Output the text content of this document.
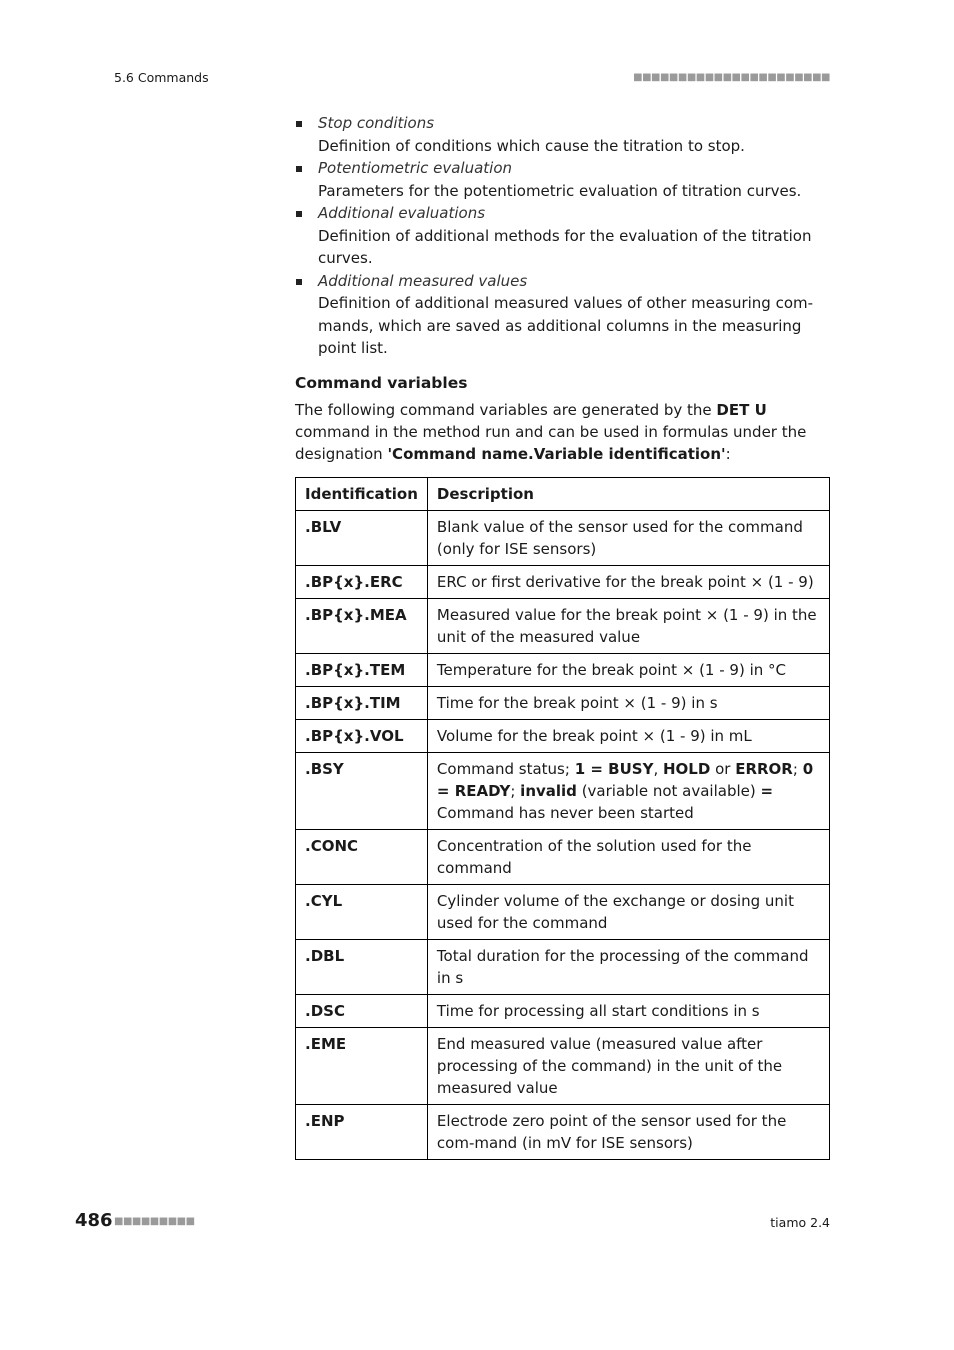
5.6 Commands	■■■■■■■■■■■■■■■■■■■■■■
Stop conditions
Definition of conditions which cause the titration to stop.
Potentiometric evaluation
Parameters for the potentiometric evaluation of titration curves.
Additional evaluations
Definition of additional methods for the evaluation of the titration curves.
Additional measured values
Definition of additional measured values of other measuring com-mands, which are saved as additional columns in the measuring point list.
Command variables

The following command variables are generated by the DET U command in the method run and can be used in formulas under the designation 'Command name.Variable identification':

Identification	Description
.BLV	Blank value of the sensor used for the command (only for ISE sensors)
.BP{x}.ERC	ERC or first derivative for the break point × (1 - 9)
.BP{x}.MEA	Measured value for the break point × (1 - 9) in the unit of the measured value
.BP{x}.TEM	Temperature for the break point × (1 - 9) in °C
.BP{x}.TIM	Time for the break point × (1 - 9) in s
.BP{x}.VOL	Volume for the break point × (1 - 9) in mL
.BSY	Command status; 1 = BUSY, HOLD or ERROR; 0 = READY; invalid (variable not available) = Command has never been started
.CONC	Concentration of the solution used for the command
.CYL	Cylinder volume of the exchange or dosing unit used for the command
.DBL	Total duration for the processing of the command in s
.DSC	Time for processing all start conditions in s
.EME	End measured value (measured value after processing of the command) in the unit of the measured value
.ENP	Electrode zero point of the sensor used for the com-mand (in mV for ISE sensors)
486 ■■■■■■■■■	tiamo 2.4
